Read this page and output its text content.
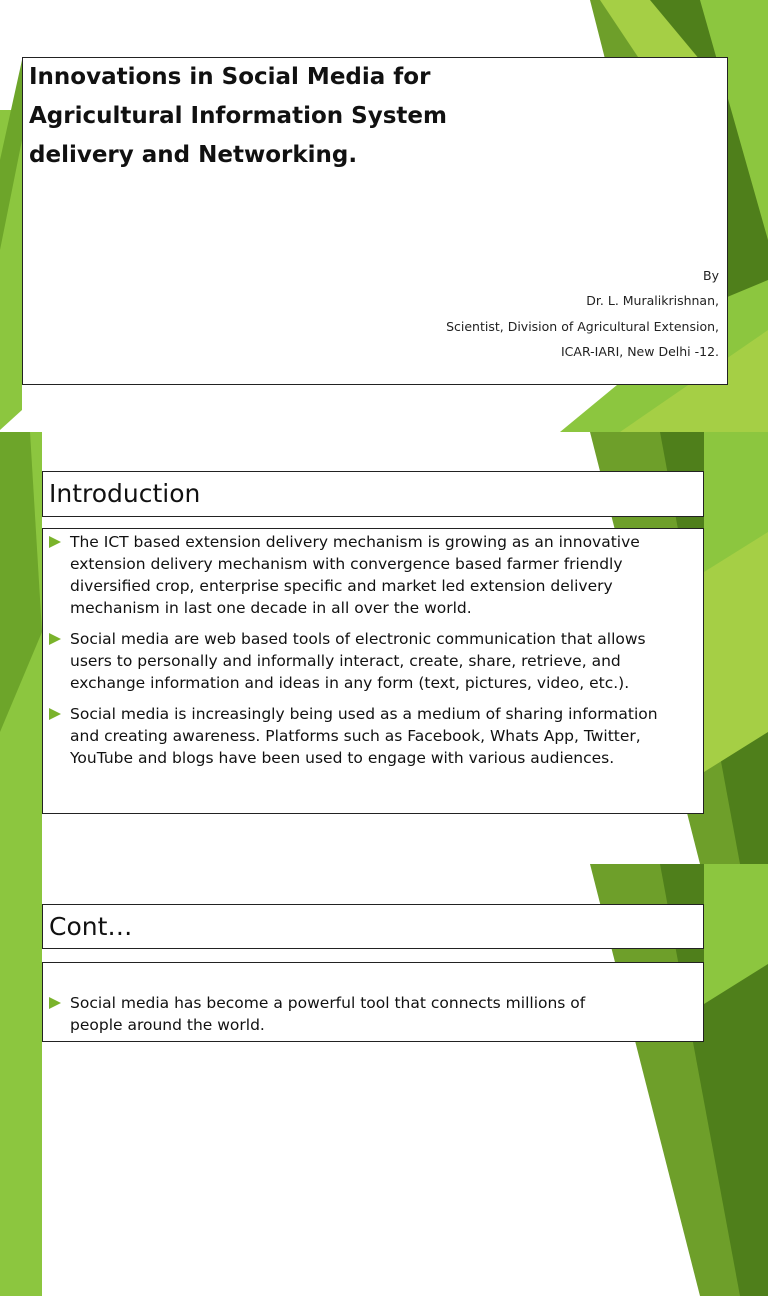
Innovations in Social Media for
Agricultural Information System
delivery and Networking.
By
Dr. L. Muralikrishnan,
Scientist, Division of Agricultural Extension,
ICAR-IARI, New Delhi -12.
Introduction
The ICT based extension delivery mechanism is growing as an innovative
extension delivery mechanism with convergence based farmer friendly
diversified crop, enterprise specific and market led extension delivery
mechanism in last one decade in all over the world.
Social media are web based tools of electronic communication that allows
users to personally and informally interact, create, share, retrieve, and
exchange information and ideas in any form (text, pictures, video, etc.).
Social media is increasingly being used as a medium of sharing information
and creating awareness. Platforms such as Facebook, Whats App, Twitter,
YouTube and blogs have been used to engage with various audiences.
Cont…
Social media has become a powerful tool that connects millions of
people around the world.
